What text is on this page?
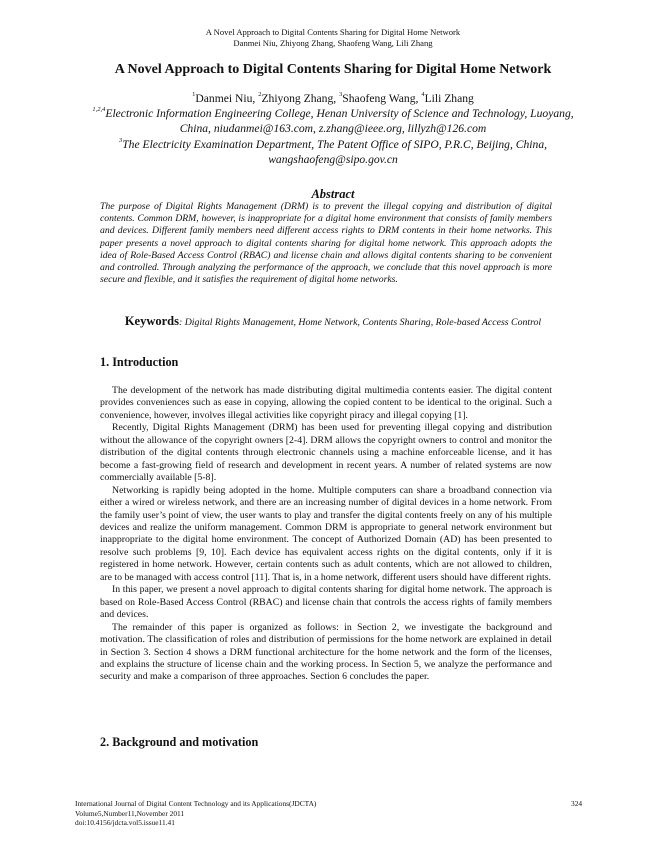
A Novel Approach to Digital Contents Sharing for Digital Home Network
Danmei Niu, Zhiyong Zhang, Shaofeng Wang, Lili Zhang
A Novel Approach to Digital Contents Sharing for Digital Home Network
$^1$Danmei Niu, $^2$Zhiyong Zhang, $^3$Shaofeng Wang, $^4$Lili Zhang
$^{1,2,4}$Electronic Information Engineering College, Henan University of Science and Technology, Luoyang, China, niudanmei@163.com, z.zhang@ieee.org, lillyzh@126.com
$^3$The Electricity Examination Department, The Patent Office of SIPO, P.R.C, Beijing, China, wangshaofeng@sipo.gov.cn
Abstract
The purpose of Digital Rights Management (DRM) is to prevent the illegal copying and distribution of digital contents. Common DRM, however, is inappropriate for a digital home environment that consists of family members and devices. Different family members need different access rights to DRM contents in their home networks. This paper presents a novel approach to digital contents sharing for digital home network. This approach adopts the idea of Role-Based Access Control (RBAC) and license chain and allows digital contents sharing to be convenient and controlled. Through analyzing the performance of the approach, we conclude that this novel approach is more secure and flexible, and it satisfies the requirement of digital home networks.
Keywords: Digital Rights Management, Home Network, Contents Sharing, Role-based Access Control
1. Introduction

The development of the network has made distributing digital multimedia contents easier. The digital content provides conveniences such as ease in copying, allowing the copied content to be identical to the original. Such a convenience, however, involves illegal activities like copyright piracy and illegal copying [1].

Recently, Digital Rights Management (DRM) has been used for preventing illegal copying and distribution without the allowance of the copyright owners [2-4]. DRM allows the copyright owners to control and monitor the distribution of the digital contents through electronic channels using a machine enforceable license, and it has become a fast-growing field of research and development in recent years. A number of related systems are now commercially available [5-8].

Networking is rapidly being adopted in the home. Multiple computers can share a broadband connection via either a wired or wireless network, and there are an increasing number of digital devices in a home network. From the family user’s point of view, the user wants to play and transfer the digital contents freely on any of his multiple devices and realize the uniform management. Common DRM is appropriate to general network environment but inappropriate to the digital home environment. The concept of Authorized Domain (AD) has been presented to resolve such problems [9, 10]. Each device has equivalent access rights on the digital contents, only if it is registered in home network. However, certain contents such as adult contents, which are not allowed to children, are to be managed with access control [11]. That is, in a home network, different users should have different rights.

In this paper, we present a novel approach to digital contents sharing for digital home network. The approach is based on Role-Based Access Control (RBAC) and license chain that controls the access rights of family members and devices.

The remainder of this paper is organized as follows: in Section 2, we investigate the background and motivation. The classification of roles and distribution of permissions for the home network are explained in detail in Section 3. Section 4 shows a DRM functional architecture for the home network and the form of the licenses, and explains the structure of license chain and the working process. In Section 5, we analyze the performance and security and make a comparison of three approaches. Section 6 concludes the paper.

2. Background and motivation
International Journal of Digital Content Technology and its Applications(JDCTA)
Volume5,Number11,November 2011
doi:10.4156/jdcta.vol5.issue11.41
324
